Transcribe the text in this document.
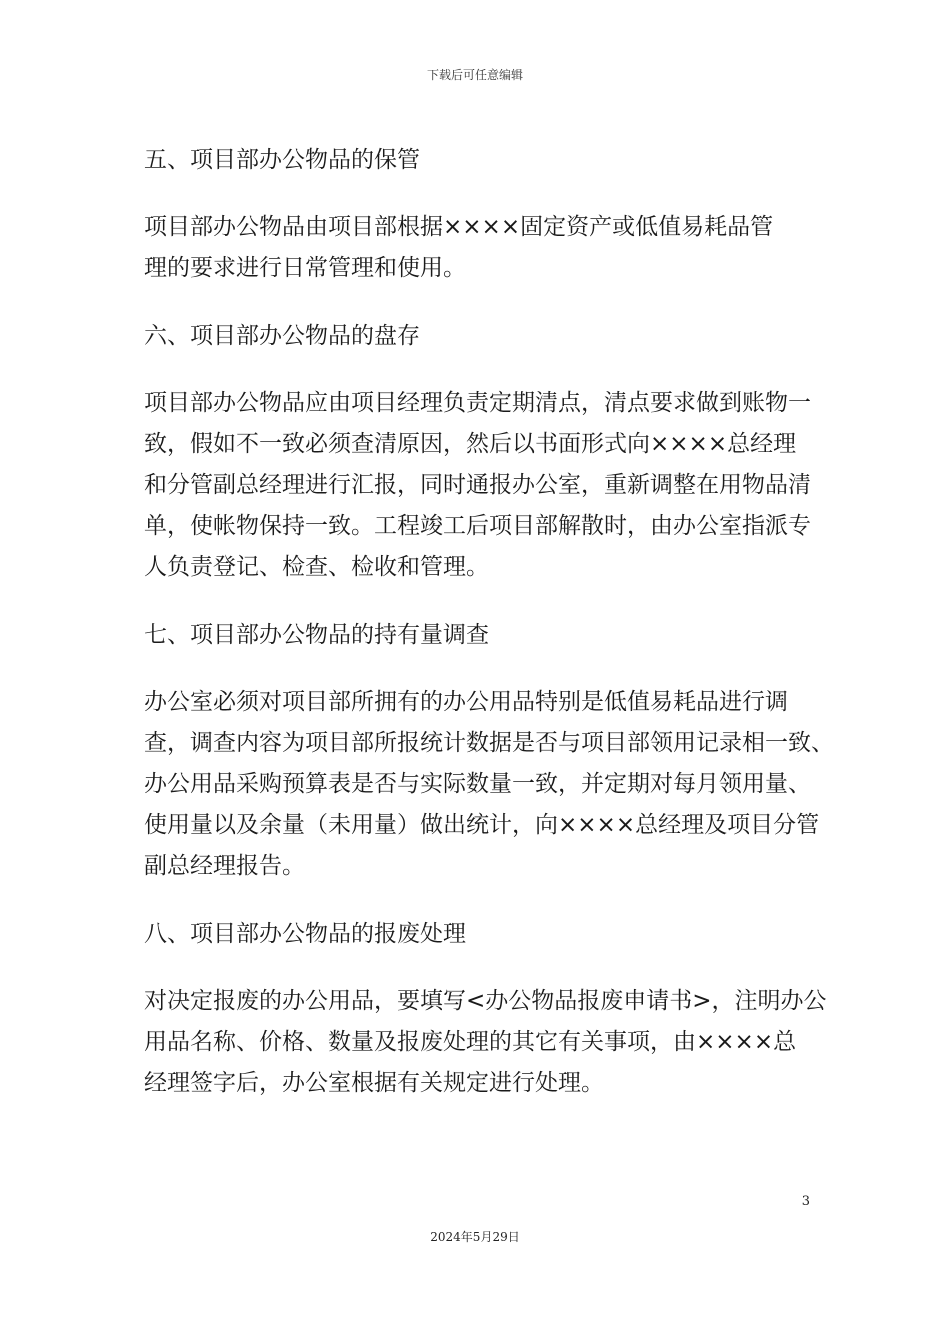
下载后可任意编辑
五、项目部办公物品的保管
项目部办公物品由项目部根据××××固定资产或低值易耗品管
理的要求进行日常管理和使用。
六、项目部办公物品的盘存
项目部办公物品应由项目经理负责定期清点，清点要求做到账物一
致，假如不一致必须查清原因，然后以书面形式向××××总经理
和分管副总经理进行汇报，同时通报办公室，重新调整在用物品清
单，使帐物保持一致。工程竣工后项目部解散时，由办公室指派专
人负责登记、检查、检收和管理。
七、项目部办公物品的持有量调查
办公室必须对项目部所拥有的办公用品特别是低值易耗品进行调
查，调查内容为项目部所报统计数据是否与项目部领用记录相一致、
办公用品采购预算表是否与实际数量一致，并定期对每月领用量、
使用量以及余量（未用量）做出统计，向××××总经理及项目分管
副总经理报告。
八、项目部办公物品的报废处理
对决定报废的办公用品，要填写<办公物品报废申请书>，注明办公
用品名称、价格、数量及报废处理的其它有关事项，由××××总
经理签字后，办公室根据有关规定进行处理。
3
2024年5月29日
